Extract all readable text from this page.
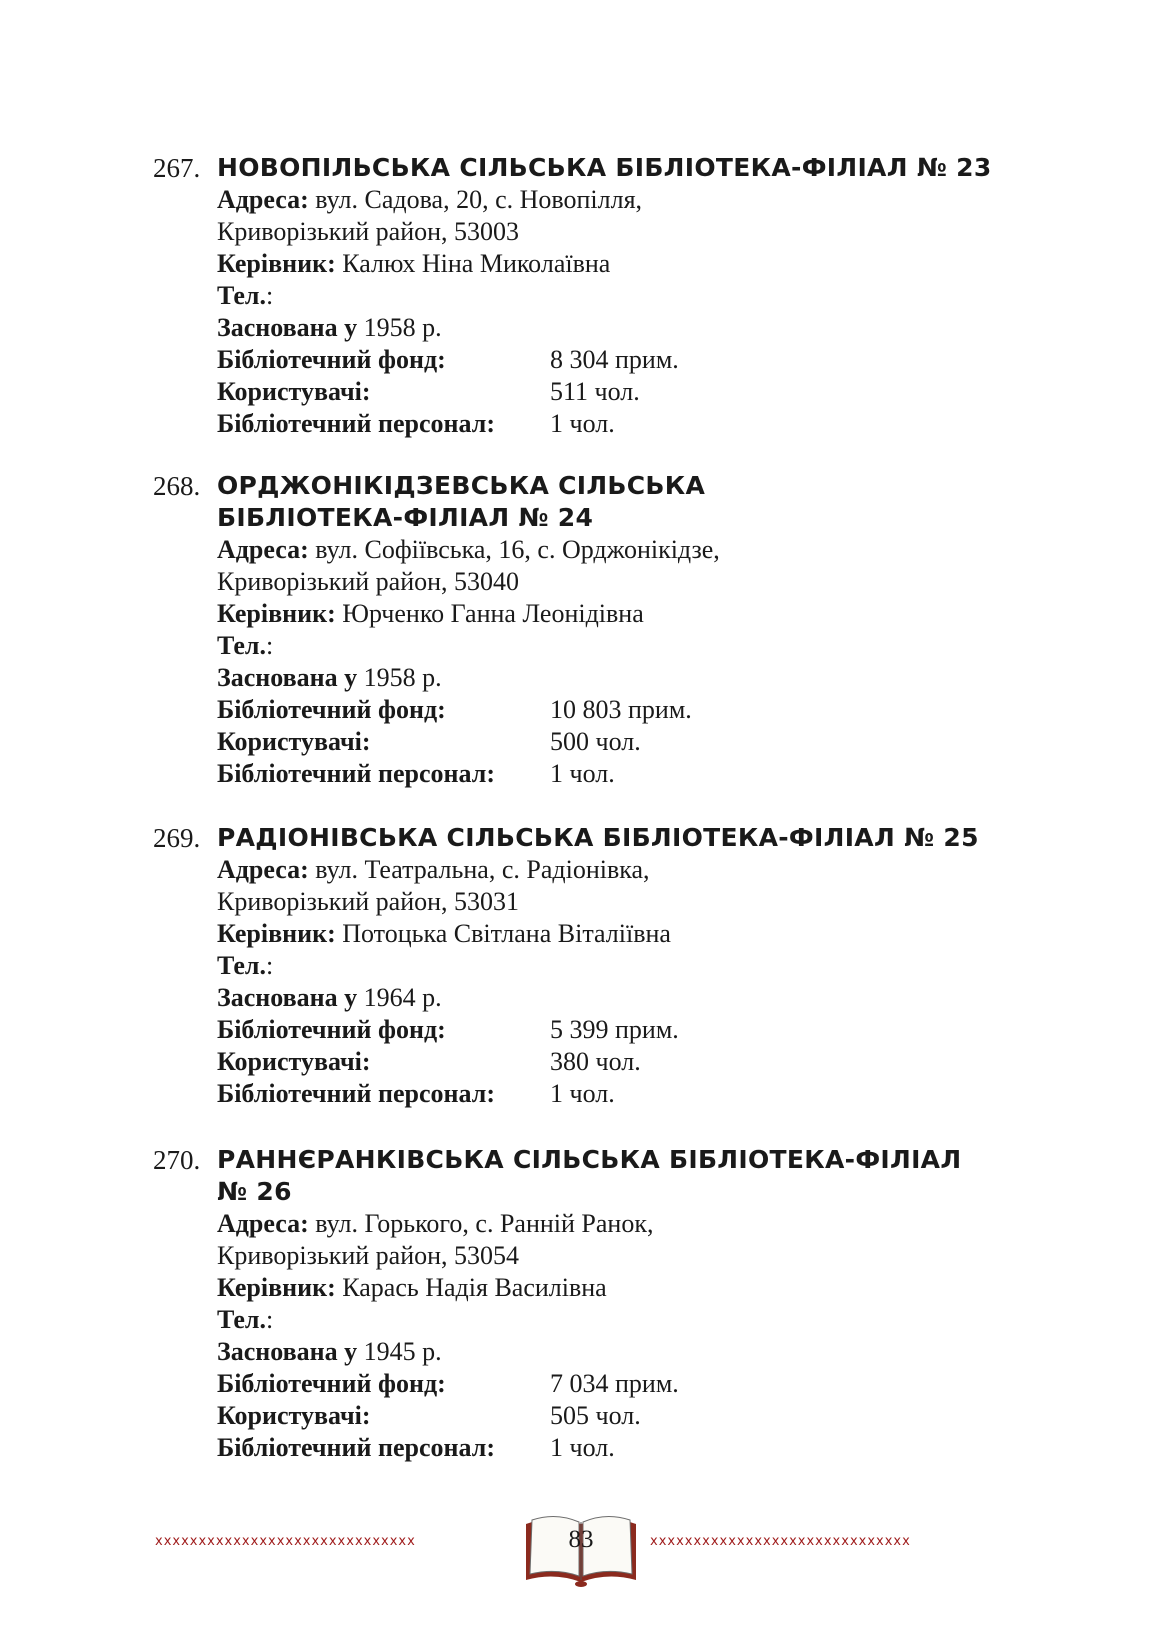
267. НОВОПІЛЬСЬКА СІЛЬСЬКА БІБЛІОТЕКА-ФІЛІАЛ № 23
Адреса: вул. Садова, 20, с. Новопілля,
Криворізький район, 53003
Керівник: Калюх Ніна Миколаївна
Тел.:
Заснована у 1958 р.
Бібліотечний фонд:	8 304 прим.
Користувачі:	511 чол.
Бібліотечний персонал: 1 чол.
268. ОРДЖОНІКІДЗЕВСЬКА СІЛЬСЬКА
БІБЛІОТЕКА-ФІЛІАЛ № 24
Адреса: вул. Софіївська, 16, с. Орджонікідзе,
Криворізький район, 53040
Керівник: Юрченко Ганна Леонідівна
Тел.:
Заснована у 1958 р.
Бібліотечний фонд:	10 803 прим.
Користувачі:	500 чол.
Бібліотечний персонал: 1 чол.
269. РАДІОНІВСЬКА СІЛЬСЬКА БІБЛІОТЕКА-ФІЛІАЛ № 25
Адреса: вул. Театральна, с. Радіонівка,
Криворізький район, 53031
Керівник: Потоцька Світлана Віталіївна
Тел.:
Заснована у 1964 р.
Бібліотечний фонд:	5 399 прим.
Користувачі:	380 чол.
Бібліотечний персонал: 1 чол.
270. РАННЄРАНКІВСЬКА СІЛЬСЬКА БІБЛІОТЕКА-ФІЛІАЛ
№ 26
Адреса: вул. Горького, с. Ранній Ранок,
Криворізький район, 53054
Керівник: Карась Надія Василівна
Тел.:
Заснована у 1945 р.
Бібліотечний фонд:	7 034 прим.
Користувачі:	505 чол.
Бібліотечний персонал: 1 чол.
xxxxxxxxxxxxxxxxxxxxxxxxxxxxxx	83	xxxxxxxxxxxxxxxxxxxxxxxxxxxxxx
